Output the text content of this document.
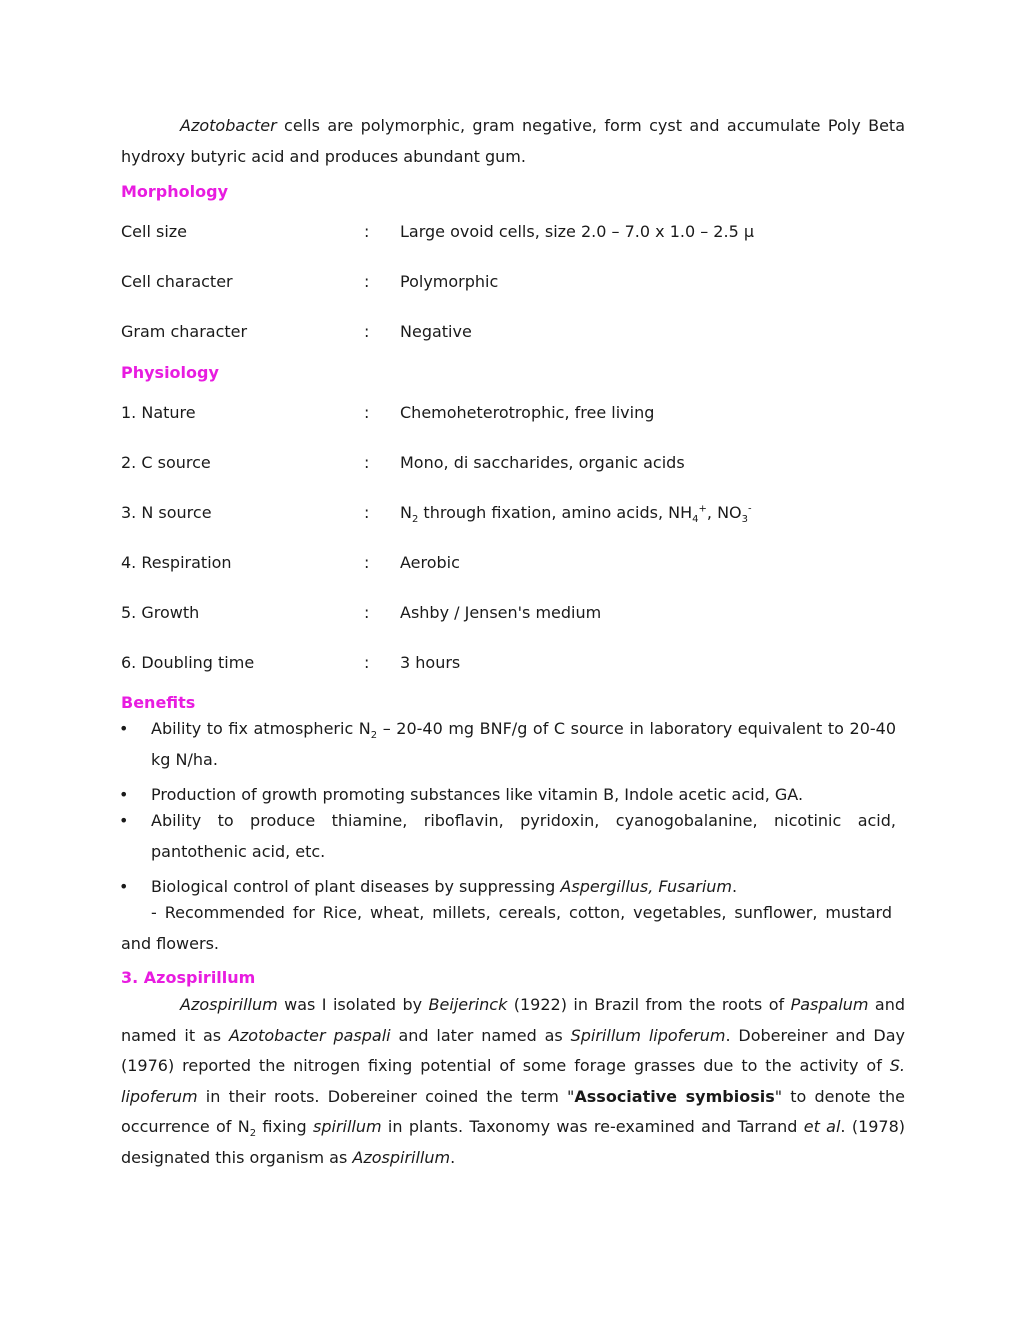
Azotobacter cells are polymorphic, gram negative, form cyst and accumulate Poly Beta hydroxy butyric acid and produces abundant gum.
Morphology
Cell size	: Large ovoid cells, size 2.0 – 7.0 x 1.0 – 2.5 μ
Cell character	: Polymorphic
Gram character	: Negative
Physiology
1. Nature	: Chemoheterotrophic, free living
2. C source	: Mono, di saccharides, organic acids
3. N source	: $N_2$ through fixation, amino acids, $NH_4^+$, $NO_3^-$
4. Respiration	: Aerobic
5. Growth	: Ashby / Jensen's medium
6. Doubling time	: 3 hours
Benefits
• Ability to fix atmospheric $N_2 - 20-40$ mg BNF/g of C source in laboratory equivalent to 20-40 kg N/ha.
• Production of growth promoting substances like vitamin B, Indole acetic acid, GA.
• Ability to produce thiamine, riboflavin, pyridoxin, cyanogobalanine, nicotinic acid, pantothenic acid, etc.
• Biological control of plant diseases by suppressing Aspergillus, Fusarium.
- Recommended for Rice, wheat, millets, cereals, cotton, vegetables, sunflower, mustard and flowers.
3. Azospirillum
Azospirillum was I isolated by Beijerinck (1922) in Brazil from the roots of Paspalum and named it as Azotobacter paspali and later named as Spirillum lipoferum. Dobereiner and Day (1976) reported the nitrogen fixing potential of some forage grasses due to the activity of S. lipoferum in their roots. Dobereiner coined the term "Associative symbiosis" to denote the occurrence of $N_2$ fixing spirillum in plants. Taxonomy was re-examined and Tarrand et al. (1978) designated this organism as Azospirillum.
